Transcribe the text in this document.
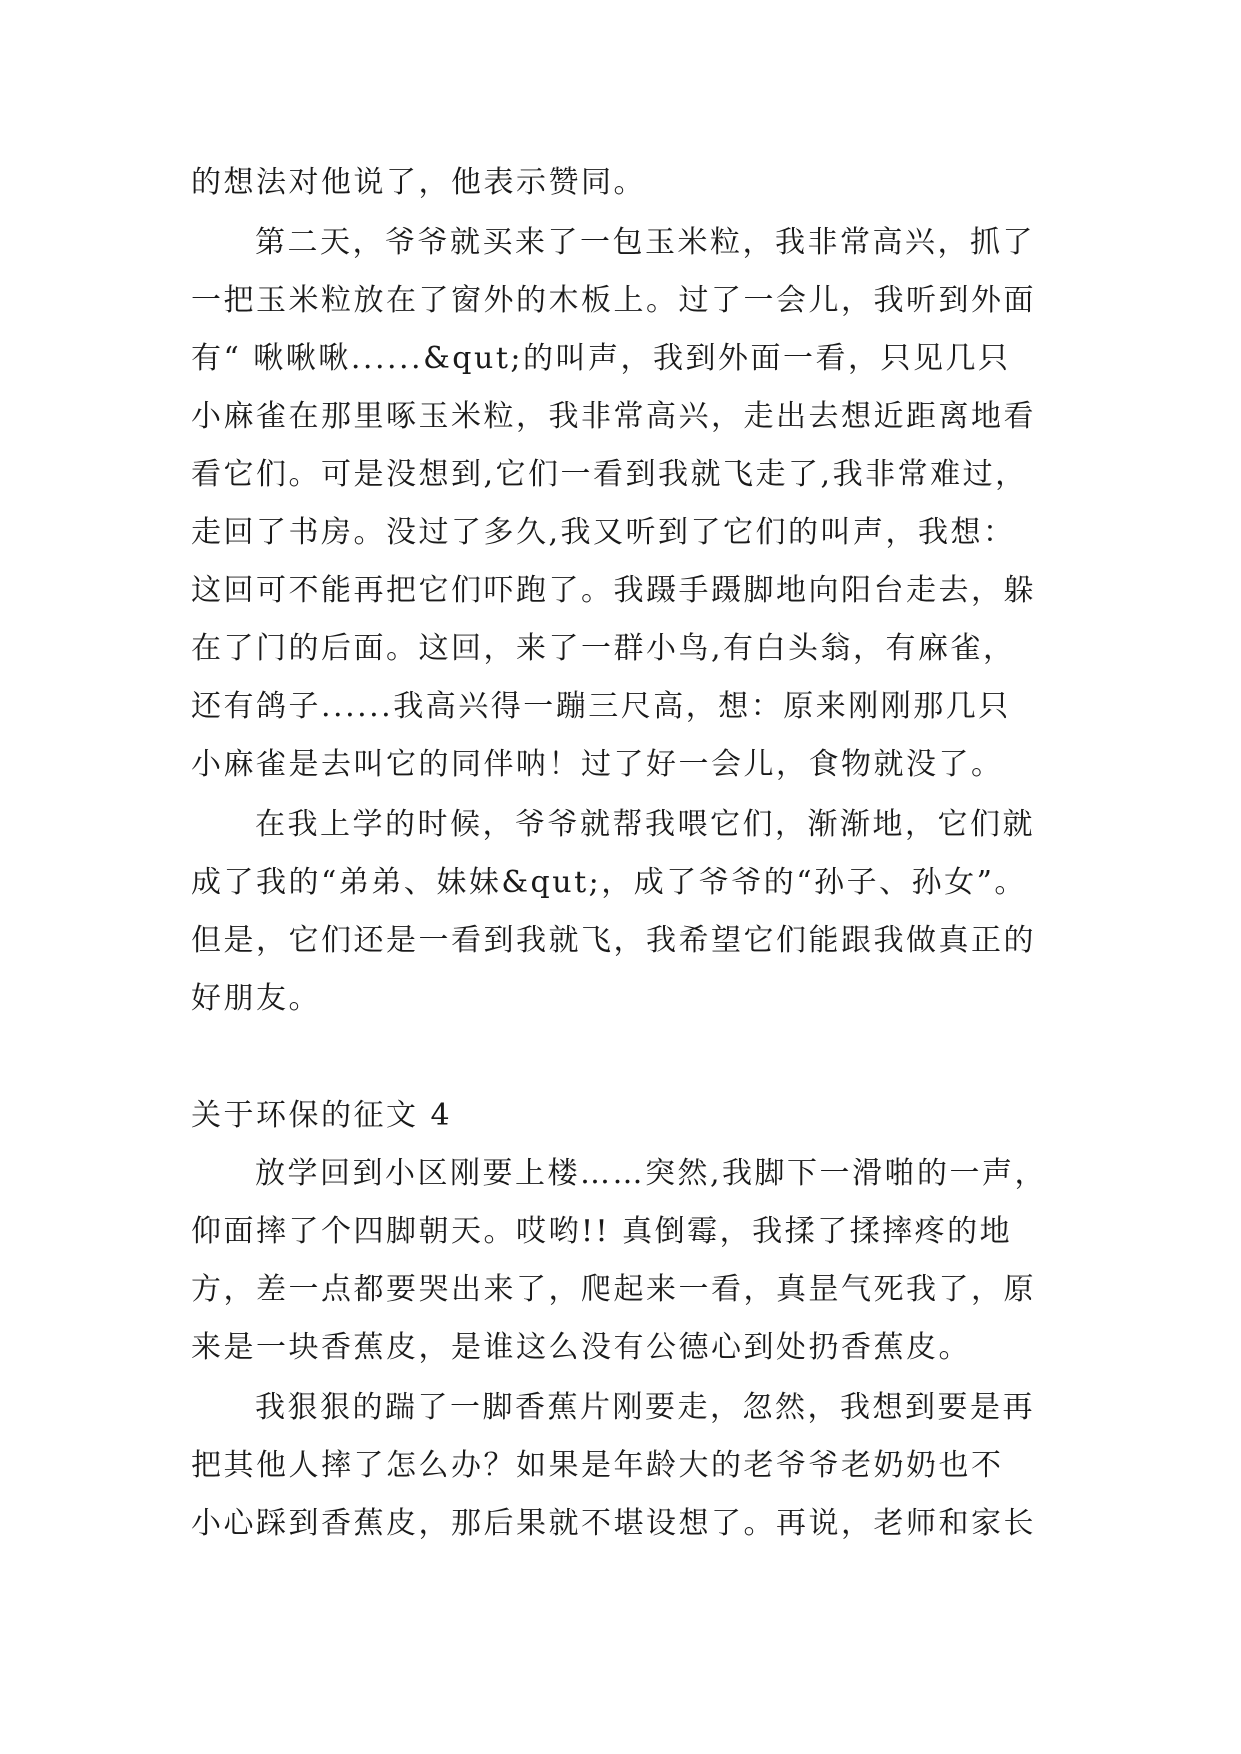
的想法对他说了，他表示赞同。
第二天，爷爷就买来了一包玉米粒，我非常高兴，抓了
一把玉米粒放在了窗外的木板上。过了一会儿，我听到外面
有“ 啾啾啾......&qut;的叫声，我到外面一看，只见几只
小麻雀在那里啄玉米粒，我非常高兴，走出去想近距离地看
看它们。可是没想到,它们一看到我就飞走了,我非常难过，
走回了书房。没过了多久,我又听到了它们的叫声，我想：
这回可不能再把它们吓跑了。我蹑手蹑脚地向阳台走去，躲
在了门的后面。这回，来了一群小鸟,有白头翁，有麻雀，
还有鸽子......我高兴得一蹦三尺高，想：原来刚刚那几只
小麻雀是去叫它的同伴呐！过了好一会儿，食物就没了。
在我上学的时候，爷爷就帮我喂它们，渐渐地，它们就
成了我的“弟弟、妹妹&qut;，成了爷爷的“孙子、孙女”。
但是，它们还是一看到我就飞，我希望它们能跟我做真正的
好朋友。
关于环保的征文 4
放学回到小区刚要上楼……突然,我脚下一滑啪的一声，
仰面摔了个四脚朝天。哎哟!! 真倒霉，我揉了揉摔疼的地
方，差一点都要哭出来了，爬起来一看，真昰气死我了，原
来是一块香蕉皮，是谁这么没有公德心到处扔香蕉皮。
我狠狠的踹了一脚香蕉片刚要走，忽然，我想到要是再
把其他人摔了怎么办？如果是年龄大的老爷爷老奶奶也不
小心踩到香蕉皮，那后果就不堪设想了。再说，老师和家长
